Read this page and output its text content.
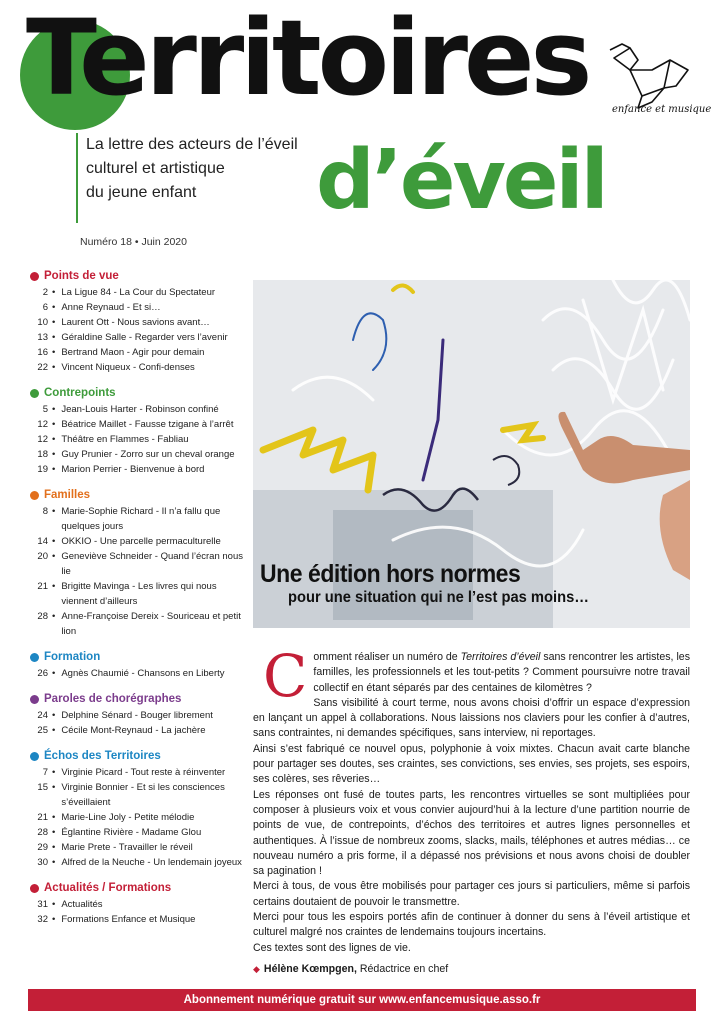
Territoires
d’éveil
enfance et musique
La lettre des acteurs de l’éveil
culturel et artistique
du jeune enfant
Numéro 18 • Juin 2020
Points de vue
2 • La Ligue 84 - La Cour du Spectateur
6 • Anne Reynaud - Et si…
10 • Laurent Ott - Nous savions avant…
13 • Géraldine Salle - Regarder vers l’avenir
16 • Bertrand Maon - Agir pour demain
22 • Vincent Niqueux - Confi-denses
Contrepoints
5 • Jean-Louis Harter - Robinson confiné
12 • Béatrice Maillet - Fausse tzigane à l’arrêt
12 • Théâtre en Flammes - Fabliau
18 • Guy Prunier - Zorro sur un cheval orange
19 • Marion Perrier - Bienvenue à bord
Familles
8 • Marie-Sophie Richard - Il n’a fallu que quelques jours
14 • OKKIO - Une parcelle permaculturelle
20 • Geneviève Schneider - Quand l’écran nous lie
21 • Brigitte Mavinga - Les livres qui nous viennent d’ailleurs
28 • Anne-Françoise Dereix - Souriceau et petit lion
Formation
26 • Agnès Chaumié - Chansons en Liberty
Paroles de chorégraphes
24 • Delphine Sénard - Bouger librement
25 • Cécile Mont-Reynaud - La jachère
Échos des Territoires
7 • Virginie Picard - Tout reste à réinventer
15 • Virginie Bonnier - Et si les consciences s’éveillaient
21 • Marie-Line Joly - Petite mélodie
28 • Églantine Rivière - Madame Glou
29 • Marie Prete - Travailler le réveil
30 • Alfred de la Neuche - Un lendemain joyeux
Actualités / Formations
31 • Actualités
32 • Formations Enfance et Musique
Une édition hors normes
pour une situation qui ne l’est pas moins…
C omment réaliser un numéro de Territoires d’éveil sans rencontrer les artistes, les familles, les professionnels et les tout-petits ? Comment poursuivre notre travail collectif en étant séparés par des centaines de kilomètres ?

Sans visibilité à court terme, nous avons choisi d’offrir un espace d’expression en lançant un appel à collaborations. Nous laissions nos claviers pour les confier à d’autres, sans contraintes, ni demandes spécifiques, sans interview, ni reportages.

Ainsi s’est fabriqué ce nouvel opus, polyphonie à voix mixtes. Chacun avait carte blanche pour partager ses doutes, ses craintes, ses convictions, ses envies, ses projets, ses espoirs, ses colères, ses rêveries…

Les réponses ont fusé de toutes parts, les rencontres virtuelles se sont multipliées pour composer à plusieurs voix et vous convier aujourd’hui à la lecture d’une partition nourrie de points de vue, de contrepoints, d’échos des territoires et autres lignes personnelles et authentiques. À l’issue de nombreux zooms, slacks, mails, téléphones et autres médias… ce nouveau numéro a pris forme, il a dépassé nos prévisions et nous avons choisi de doubler sa pagination !

Merci à tous, de vous être mobilisés pour partager ces jours si particuliers, même si parfois certains doutaient de pouvoir le transmettre.

Merci pour tous les espoirs portés afin de continuer à donner du sens à l’éveil artistique et culturel malgré nos craintes de lendemains toujours incertains.

Ces textes sont des lignes de vie.

◆ Hélène Kœmpgen, Rédactrice en chef
Abonnement numérique gratuit sur www.enfancemusique.asso.fr
